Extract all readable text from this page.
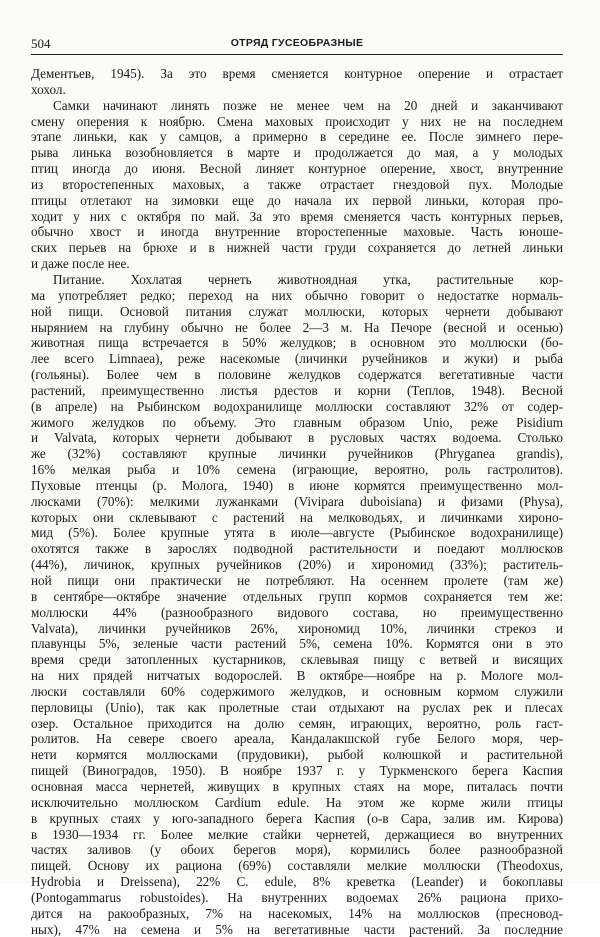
504	ОТРЯД ГУСЕОБРАЗНЫЕ
Дементьев, 1945). За это время сменяется контурное оперение и отрастает
хохол.
Самки начинают линять позже не менее чем на 20 дней и заканчивают
смену оперения к ноябрю. Смена маховых происходит у них не на последнем
этапе линьки, как у самцов, а примерно в середине ее. После зимнего пере-
рыва линька возобновляется в марте и продолжается до мая, а у молодых
птиц иногда до июня. Весной линяет контурное оперение, хвост, внутренние
из второстепенных маховых, а также отрастает гнездовой пух. Молодые
птицы отлетают на зимовки еще до начала их первой линьки, которая про-
ходит у них с октября по май. За это время сменяется часть контурных перьев,
обычно хвост и иногда внутренние второстепенные маховые. Часть юноше-
ских перьев на брюхе и в нижней части груди сохраняется до летней линьки
и даже после нее.
Питание. Хохлатая чернеть животноядная утка, растительные кор-
ма употребляет редко; переход на них обычно говорит о недостатке нормаль-
ной пищи. Основой питания служат моллюски, которых чернети добывают
нырянием на глубину обычно не более 2—3 м. На Печоре (весной и осенью)
животная пища встречается в 50% желудков; в основном это моллюски (бо-
лее всего Limnaea), реже насекомые (личинки ручейников и жуки) и рыба
(гольяны). Более чем в половине желудков содержатся вегетативные части
растений, преимущественно листья рдестов и корни (Теплов, 1948). Весной
(в апреле) на Рыбинском водохранилище моллюски составляют 32% от содер-
жимого желудков по объему. Это главным образом Unio, реже Pisidium
и Valvata, которых чернети добывают в русловых частях водоема. Столько
же (32%) составляют крупные личинки ручейников (Phryganea grandis),
16% мелкая рыба и 10% семена (играющие, вероятно, роль гастролитов).
Пуховые птенцы (р. Молога, 1940) в июне кормятся преимущественно мол-
люсками (70%): мелкими лужанками (Vivipara duboisiana) и физами (Physa),
которых они склевывают с растений на мелководьях, и личинками хироно-
мид (5%). Более крупные утята в июле—августе (Рыбинское водохранилище)
охотятся также в зарослях подводной растительности и поедают моллюсков
(44%), личинок, крупных ручейников (20%) и хирономид (33%); раститель-
ной пищи они практически не потребляют. На осеннем пролете (там же)
в сентябре—октябре значение отдельных групп кормов сохраняется тем же:
моллюски 44% (разнообразного видового состава, но преимущественно
Valvata), личинки ручейников 26%, хирономид 10%, личинки стрекоз и
плавунцы 5%, зеленые части растений 5%, семена 10%. Кормятся они в это
время среди затопленных кустарников, склевывая пищу с ветвей и висящих
на них прядей нитчатых водорослей. В октябре—ноябре на р. Мологе мол-
люски составляли 60% содержимого желудков, и основным кормом служили
перловицы (Unio), так как пролетные стаи отдыхают на руслах рек и плесах
озер. Остальное приходится на долю семян, играющих, вероятно, роль гаст-
ролитов. На севере своего ареала, Кандалакшской губе Белого моря, чер-
нети кормятся моллюсками (прудовики), рыбой колюшкой и растительной
пищей (Виноградов, 1950). В ноябре 1937 г. у Туркменского берега Каспия
основная масса чернетей, живущих в крупных стаях на море, питалась почти
исключительно моллюском Cardium edule. На этом же корме жили птицы
в крупных стаях у юго-западного берега Каспия (о-в Сара, залив им. Кирова)
в 1930—1934 гг. Более мелкие стайки чернетей, держащиеся во внутренних
частях заливов (у обоих берегов моря), кормились более разнообразной
пищей. Основу их рациона (69%) составляли мелкие моллюски (Theodoxus,
Hydrobia и Dreissena), 22% C. edule, 8% креветка (Leander) и бокоплавы
(Pontogammarus robustoides). На внутренних водоемах 26% рациона прихо-
дится на ракообразных, 7% на насекомых, 14% на моллюсков (пресновод-
ных), 47% на семена и 5% на вегетативные части растений. За последние
